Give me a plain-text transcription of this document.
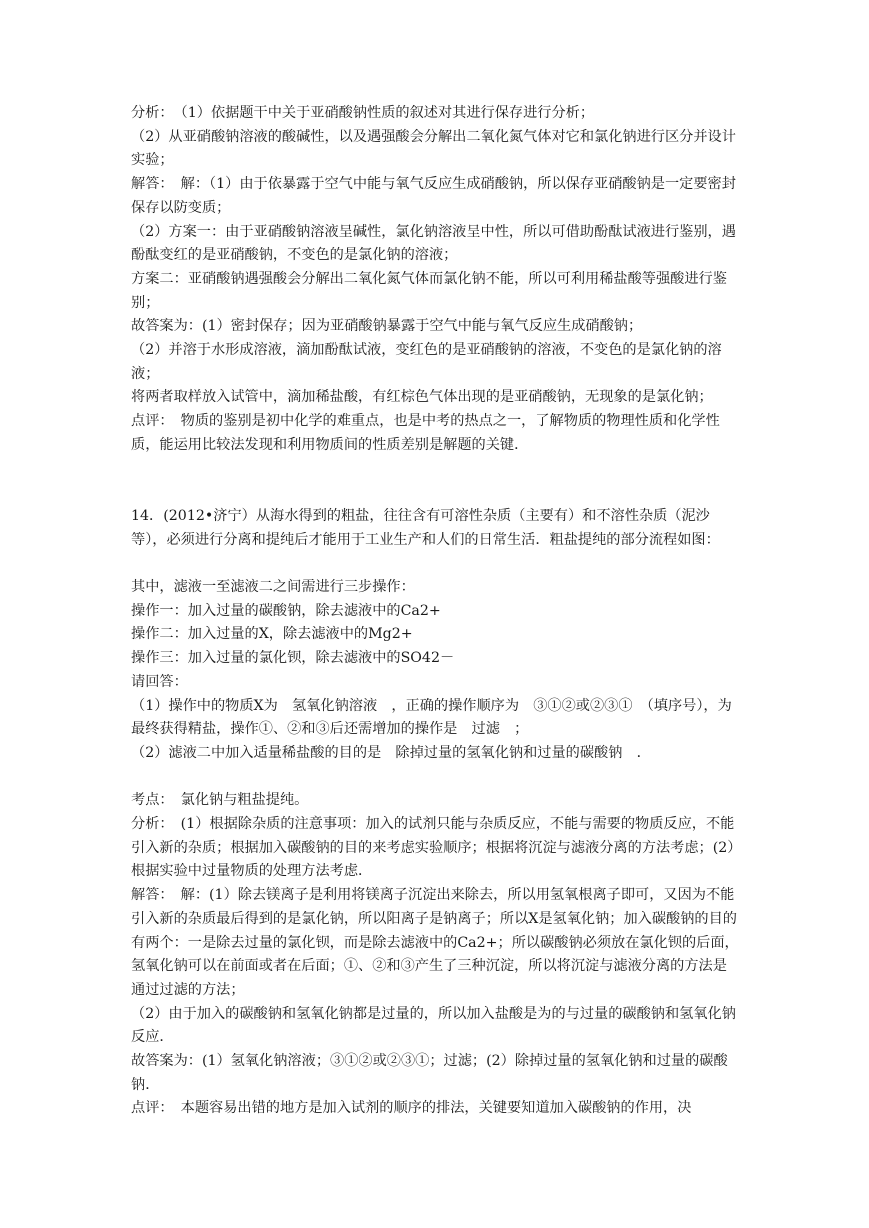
分析：　（1）依据题干中关于亚硝酸钠性质的叙述对其进行保存进行分析；

（2）从亚硝酸钠溶液的酸碱性，以及遇强酸会分解出二氧化氮气体对它和氯化钠进行区分并设计实验；

解答：　解：（1）由于依暴露于空气中能与氧气反应生成硝酸钠，所以保存亚硝酸钠是一定要密封保存以防变质；

（2）方案一：由于亚硝酸钠溶液呈碱性，氯化钠溶液呈中性，所以可借助酚酞试液进行鉴别，遇酚酞变红的是亚硝酸钠，不变色的是氯化钠的溶液；

方案二：亚硝酸钠遇强酸会分解出二氧化氮气体而氯化钠不能，所以可利用稀盐酸等强酸进行鉴别；

故答案为：(1）密封保存；因为亚硝酸钠暴露于空气中能与氧气反应生成硝酸钠；

（2）并溶于水形成溶液，滴加酚酞试液，变红色的是亚硝酸钠的溶液，不变色的是氯化钠的溶液；

将两者取样放入试管中，滴加稀盐酸，有红棕色气体出现的是亚硝酸钠，无现象的是氯化钠；

点评：　物质的鉴别是初中化学的难重点，也是中考的热点之一，了解物质的物理性质和化学性质，能运用比较法发现和利用物质间的性质差别是解题的关键．

14．(2012•济宁）从海水得到的粗盐，往往含有可溶性杂质（主要有）和不溶性杂质（泥沙等），必须进行分离和提纯后才能用于工业生产和人们的日常生活．粗盐提纯的部分流程如图：

其中，滤液一至滤液二之间需进行三步操作：

操作一：加入过量的碳酸钠，除去滤液中的Ca2+

操作二：加入过量的X，除去滤液中的Mg2+

操作三：加入过量的氯化钡，除去滤液中的SO42－

请回答：

（1）操作中的物质X为　氢氧化钠溶液　，正确的操作顺序为　③①②或②③①　（填序号），为最终获得精盐，操作①、②和③后还需增加的操作是　过滤　；

（2）滤液二中加入适量稀盐酸的目的是　除掉过量的氢氧化钠和过量的碳酸钠　．

考点：　氯化钠与粗盐提纯。

分析：　(1）根据除杂质的注意事项：加入的试剂只能与杂质反应，不能与需要的物质反应，不能引入新的杂质；根据加入碳酸钠的目的来考虑实验顺序；根据将沉淀与滤液分离的方法考虑；(2）根据实验中过量物质的处理方法考虑．

解答：　解：(1）除去镁离子是利用将镁离子沉淀出来除去，所以用氢氧根离子即可，又因为不能引入新的杂质最后得到的是氯化钠，所以阳离子是钠离子；所以X是氢氧化钠；加入碳酸钠的目的有两个：一是除去过量的氯化钡，而是除去滤液中的Ca2+；所以碳酸钠必须放在氯化钡的后面，氢氧化钠可以在前面或者在后面；①、②和③产生了三种沉淀，所以将沉淀与滤液分离的方法是通过过滤的方法；

（2）由于加入的碳酸钠和氢氧化钠都是过量的，所以加入盐酸是为的与过量的碳酸钠和氢氧化钠反应．

故答案为：(1）氢氧化钠溶液；③①②或②③①；过滤；(2）除掉过量的氢氧化钠和过量的碳酸钠．

点评：　本题容易出错的地方是加入试剂的顺序的排法，关键要知道加入碳酸钠的作用，决
